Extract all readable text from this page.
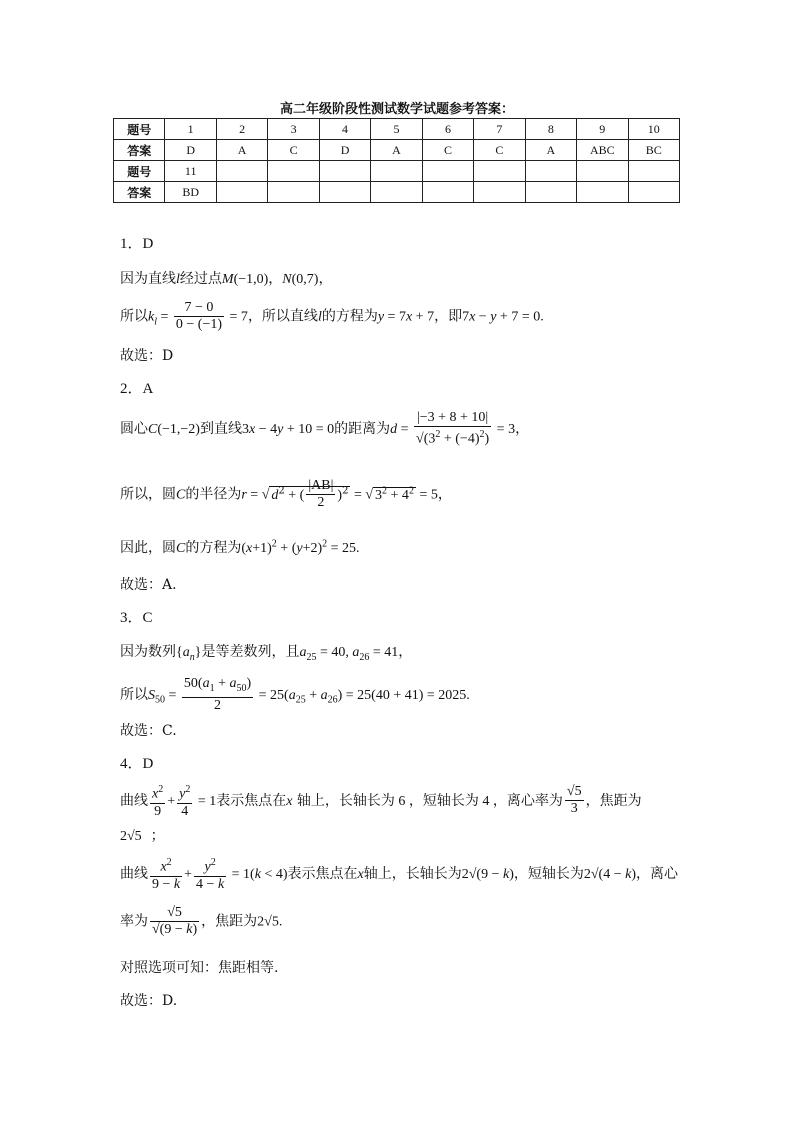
高二年级阶段性测试数学试题参考答案：
题号	1	2	3	4	5	6	7	8	9	10
答案	D	A	C	D	A	C	C	A	ABC	BC
题号	11									
答案	BD									
1．D
因为直线l经过点M(−1,0)，N(0,7)，
所以$k_l = \frac{7 - 0}{0 - (-1)} = 7$，所以直线l的方程为y = 7x + 7，即7x − y + 7 = 0.
故选：D
2．A
圆心C(−1,−2)到直线3x − 4y + 10 = 0的距离为$d = \frac{|-3 + 8 + 10|}{√(3^2 + (-4)^2)} = 3$，
所以，圆C的半径为r = √ $d^2$ + ( $\frac{|AB|}{2} )^2$ = √ $3^2 + 4^2 = 5$，
因此，圆C的方程为$(x+1)^2 + (y+2)^2 = 25$.
故选：A.
3．C
因为数列$\{a_n\}$是等差数列，且$a_{25} = 40$, $a_{26} = 41$，
所以$S_{50} = \frac{50(a_1 + a_{50})}{2} = 25(a_{25} + a_{26}) = 25(40 + 41) = 2025$.
故选：C.
4．D
曲线 $\frac{x^2}{9} + \frac{y^2}{4} = 1$表示焦点在x 轴上，长轴长为 6 ，短轴长为 4 ，离心率为 $\frac{√5}{3}$ ，焦距为
2√5 ；
曲线 $\frac{x^2}{9 - k} + \frac{y^2}{4 - k} = 1(k < 4)$表示焦点在x轴上，长轴长为2√(9 − k)，短轴长为2√(4 − k)，离心
率为 $\frac{√5}{√(9 - k)}$ ，焦距为2√5.
对照选项可知：焦距相等.
故选：D.
